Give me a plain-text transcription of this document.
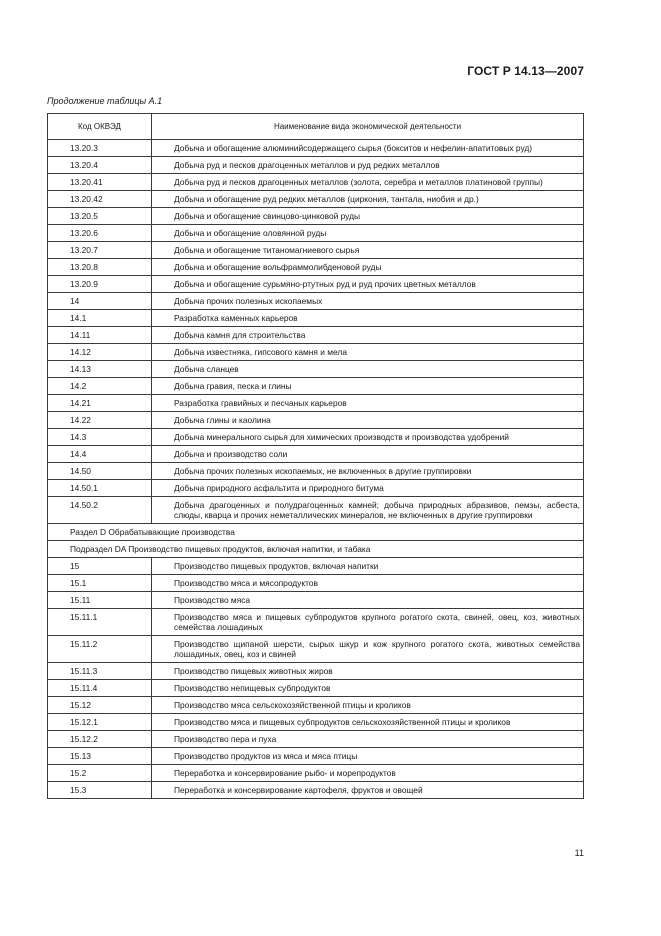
ГОСТ Р 14.13—2007
Продолжение таблицы А.1
Код ОКВЭД	Наименование вида экономической деятельности
13.20.3	Добыча и обогащение алюминийсодержащего сырья (бокситов и нефелин-апатитовых руд)
13.20.4	Добыча руд и песков драгоценных металлов и руд редких металлов
13.20.41	Добыча руд и песков драгоценных металлов (золота, серебра и металлов платиновой группы)
13.20.42	Добыча и обогащение руд редких металлов (циркония, тантала, ниобия и др.)
13.20.5	Добыча и обогащение свинцово-цинковой руды
13.20.6	Добыча и обогащение оловянной руды
13.20.7	Добыча и обогащение титаномагниевого сырья
13.20.8	Добыча и обогащение вольфраммолибденовой руды
13.20.9	Добыча и обогащение сурьмяно-ртутных руд и руд прочих цветных металлов
14	Добыча прочих полезных ископаемых
14.1	Разработка каменных карьеров
14.11	Добыча камня для строительства
14.12	Добыча известняка, гипсового камня и мела
14.13	Добыча сланцев
14.2	Добыча гравия, песка и глины
14.21	Разработка гравийных и песчаных карьеров
14.22	Добыча глины и каолина
14.3	Добыча минерального сырья для химических производств и производства удобрений
14.4	Добыча и производство соли
14.50	Добыча прочих полезных ископаемых, не включенных в другие группировки
14.50.1	Добыча природного асфальтита и природного битума
14.50.2	Добыча драгоценных и полудрагоценных камней; добыча природных абразивов, пемзы, асбеста, слюды, кварца и прочих неметаллических минералов, не включенных в другие группировки
Раздел D Обрабатывающие производства	
Подраздел DA Производство пищевых продуктов, включая напитки, и табака	
15	Производство пищевых продуктов, включая напитки
15.1	Производство мяса и мясопродуктов
15.11	Производство мяса
15.11.1	Производство мяса и пищевых субпродуктов крупного рогатого скота, свиней, овец, коз, животных семейства лошадиных
15.11.2	Производство щипаной шерсти, сырых шкур и кож крупного рогатого скота, животных семейства лошадиных, овец, коз и свиней
15.11.3	Производство пищевых животных жиров
15.11.4	Производство непищевых субпродуктов
15.12	Производство мяса сельскохозяйственной птицы и кроликов
15.12.1	Производство мяса и пищевых субпродуктов сельскохозяйственной птицы и кроликов
15.12.2	Производство пера и пуха
15.13	Производство продуктов из мяса и мяса птицы
15.2	Переработка и консервирование рыбо- и морепродуктов
15.3	Переработка и консервирование картофеля, фруктов и овощей
11
